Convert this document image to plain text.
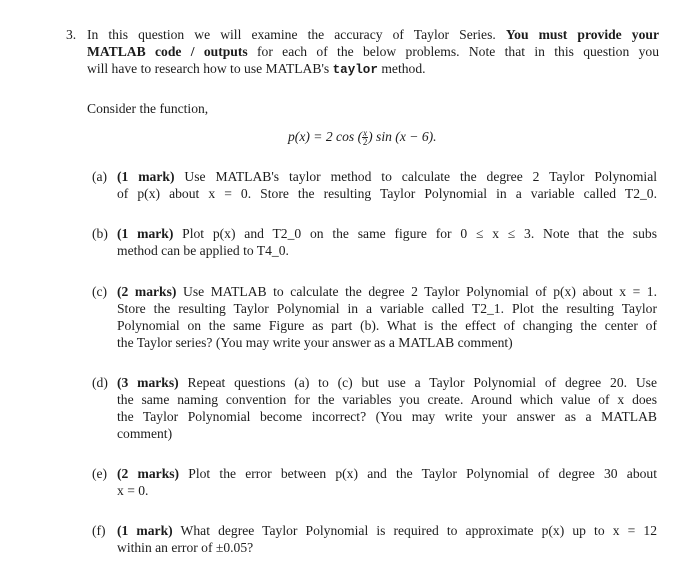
3. In this question we will examine the accuracy of Taylor Series. You must provide your
MATLAB code / outputs for each of the below problems. Note that in this question you
will have to research how to use MATLAB's taylor method.
Consider the function,
p(x) = 2 cos ( $\frac{x}{2}$ ) sin (x − 6).
(a) (1 mark) Use MATLAB's taylor method to calculate the degree 2 Taylor Polynomial
of p(x) about x = 0. Store the resulting Taylor Polynomial in a variable called T2_0.
(b) (1 mark) Plot p(x) and T2_0 on the same figure for 0 ≤ x ≤ 3. Note that the subs
method can be applied to T4_0.
(c) (2 marks) Use MATLAB to calculate the degree 2 Taylor Polynomial of p(x) about x = 1.
Store the resulting Taylor Polynomial in a variable called T2_1. Plot the resulting Taylor
Polynomial on the same Figure as part (b). What is the effect of changing the center of
the Taylor series? (You may write your answer as a MATLAB comment)
(d) (3 marks) Repeat questions (a) to (c) but use a Taylor Polynomial of degree 20. Use
the same naming convention for the variables you create. Around which value of x does
the Taylor Polynomial become incorrect? (You may write your answer as a MATLAB
comment)
(e) (2 marks) Plot the error between p(x) and the Taylor Polynomial of degree 30 about
x = 0.
(f) (1 mark) What degree Taylor Polynomial is required to approximate p(x) up to x = 12
within an error of ±0.05?
